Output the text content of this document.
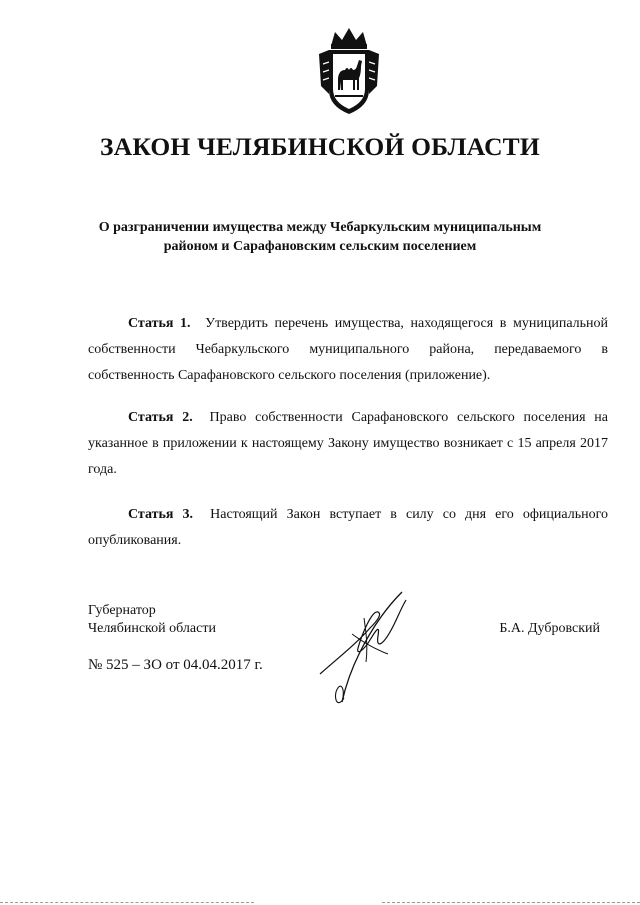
ЗАКОН ЧЕЛЯБИНСКОЙ ОБЛАСТИ
О разграничении имущества между Чебаркульским муниципальным
районом и Сарафановским сельским поселением
Статья 1. Утвердить перечень имущества, находящегося в муниципальной собственности Чебаркульского муниципального района, передаваемого в собственность Сарафановского сельского поселения (приложение).
Статья 2. Право собственности Сарафановского сельского поселения на указанное в приложении к настоящему Закону имущество возникает с 15 апреля 2017 года.
Статья 3. Настоящий Закон вступает в силу со дня его официального опубликования.
Губернатор
Челябинской области	Б.А. Дубровский
№ 525 – ЗО от 04.04.2017 г.
